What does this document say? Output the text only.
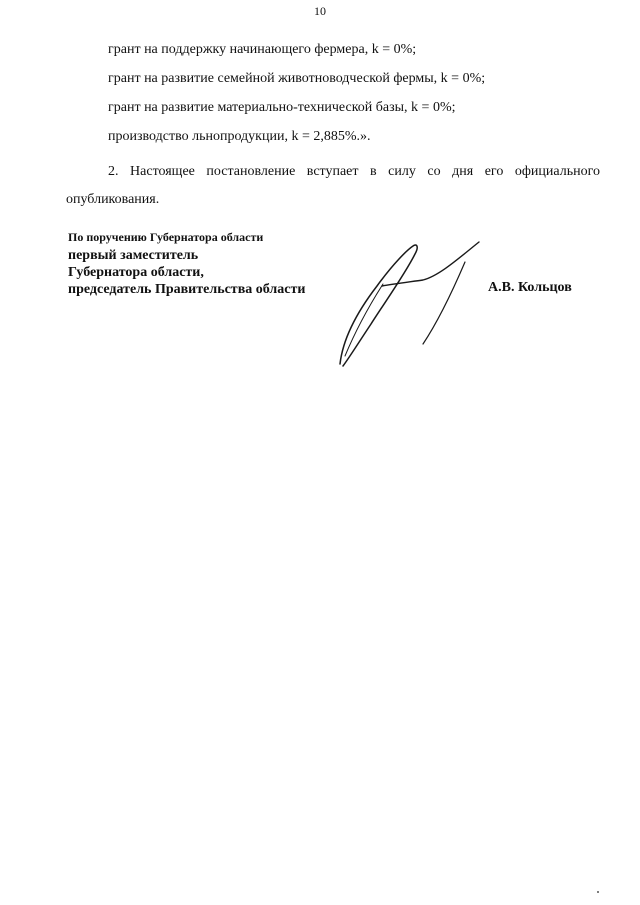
10

грант на поддержку начинающего фермера, k = 0%;

грант на развитие семейной животноводческой фермы, k = 0%;

грант на развитие материально-технической базы, k = 0%;

производство льнопродукции, k = 2,885%.».

2. Настоящее постановление вступает в силу со дня его официального опубликования.

По поручению Губернатора области
первый заместитель
Губернатора области,
председатель Правительства области	А.В. Кольцов
